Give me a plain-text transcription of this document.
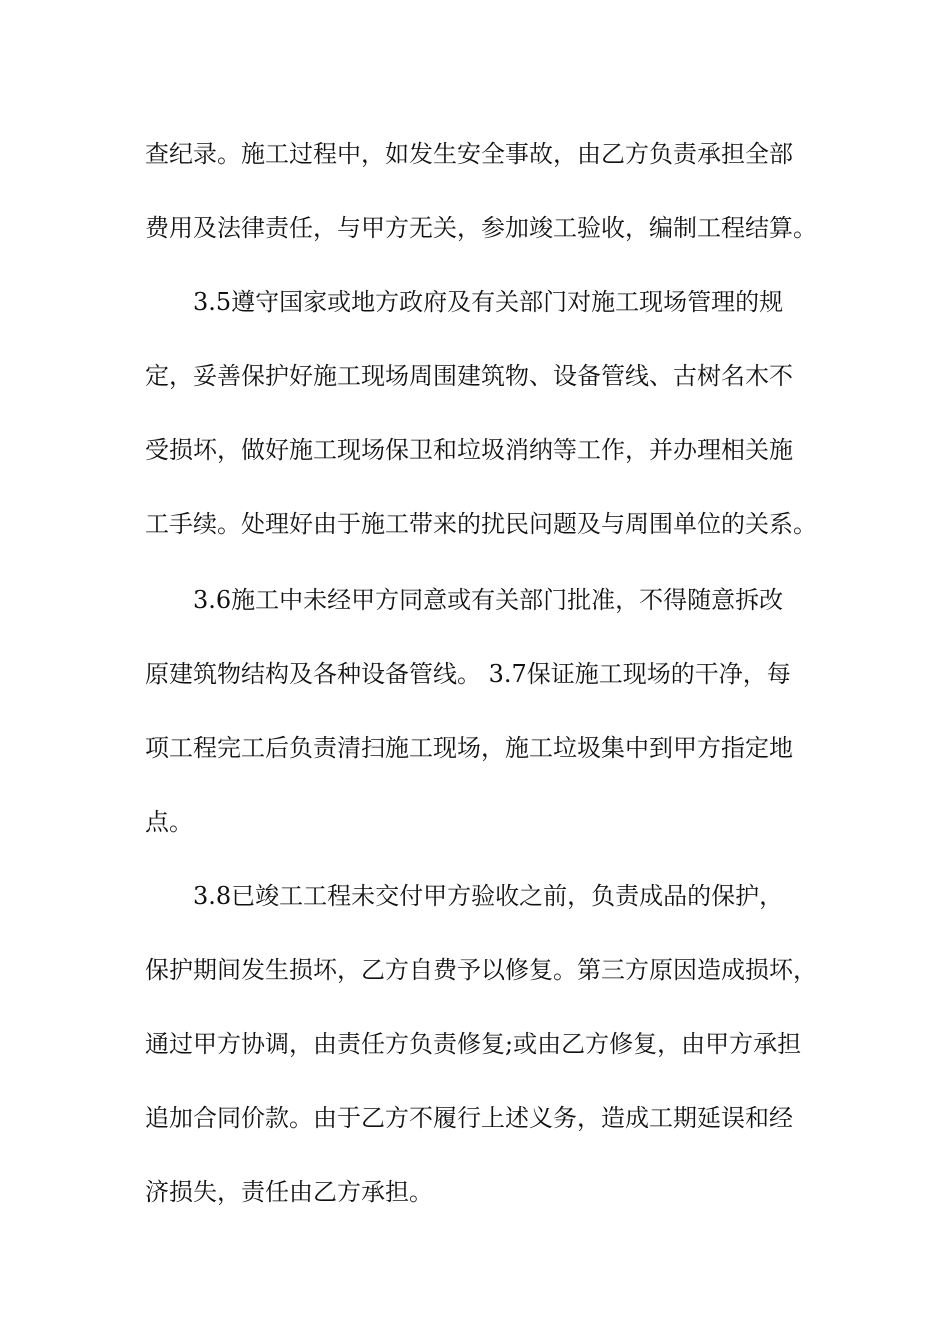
查纪录。施工过程中，如发生安全事故，由乙方负责承担全部
费用及法律责任，与甲方无关，参加竣工验收，编制工程结算。
3.5遵守国家或地方政府及有关部门对施工现场管理的规
定，妥善保护好施工现场周围建筑物、设备管线、古树名木不
受损坏，做好施工现场保卫和垃圾消纳等工作，并办理相关施
工手续。处理好由于施工带来的扰民问题及与周围单位的关系。
3.6施工中未经甲方同意或有关部门批准，不得随意拆改
原建筑物结构及各种设备管线。 3.7保证施工现场的干净，每
项工程完工后负责清扫施工现场，施工垃圾集中到甲方指定地
点。
3.8已竣工工程未交付甲方验收之前，负责成品的保护，
保护期间发生损坏，乙方自费予以修复。第三方原因造成损坏，
通过甲方协调，由责任方负责修复;或由乙方修复，由甲方承担
追加合同价款。由于乙方不履行上述义务，造成工期延误和经
济损失，责任由乙方承担。
